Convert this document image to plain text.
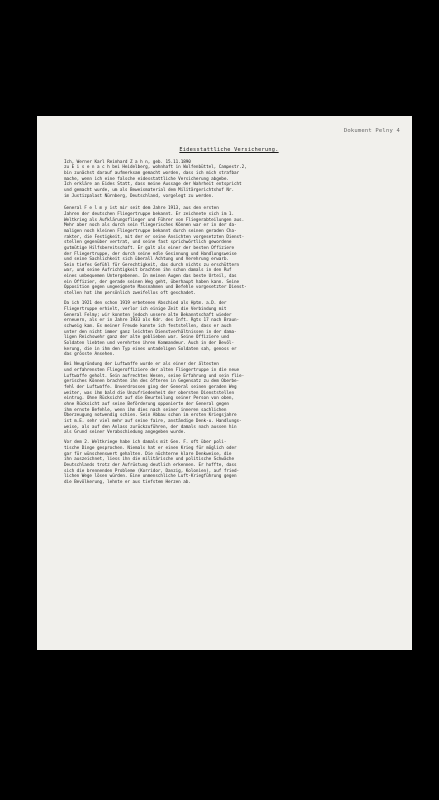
Dokument Pelny 4
Eidesstattliche Versicherung.
Ich, Werner Karl Reinhard Z a h n, geb. 15.11.1890
zu E i s e n a c h bei Heidelberg, wohnhaft in Wolfenbüttel, Campestr.2,
bin zunächst darauf aufmerksam gemacht worden, dass ich mich strafbar
mache, wenn ich eine falsche eidesstattliche Versicherung abgebe.
Ich erkläre an Eides Statt, dass meine Aussage der Wahrheit entspricht
und gemacht wurde, um als Beweismaterial dem Militärgerichtshof Nr.
im Justizpalast Nürnberg, Deutschland, vorgelegt zu werden.
General F e l m y ist mir seit dem Jahre 1913, aus den ersten
Jahren der deutschen Fliegertruppe bekannt. Er zeichnete sich im 1.
Weltkrieg als Aufklärungsflieger und Führer von Fliegerabteilungen aus.
Mehr aber noch als durch sein fliegerisches Können war er in der da-
maligen noch kleinen Fliegertruppe bekannt durch seinen geraden Cha-
rakter, die Festigkeit, mit der er seine Ansichten vorgesetzten Dienst-
stellen gegenüber vertrat, und seine fast sprichwörtlich gewordene
gutmütige Hilfsbereitschaft. Er galt als einer der besten Offiziere
der Fliegertruppe, der durch seine edle Gesinnung und Handlungsweise
und seine Sachlichkeit sich überall Achtung und Verehrung erwarb.
Sein tiefes Gefühl für Gerechtigkeit, das durch nichts zu erschüttern
war, und seine Aufrichtigkeit brachten ihn schon damals in den Ruf
eines unbequemen Untergebenen. In meinen Augen das beste Urteil, das
ein Offizier, der gerade seinen Weg geht, überhaupt haben kann. Seine
Opposition gegen ungeeignete Massnahmen und Befehle vorgesetzter Dienst-
stellen hat ihm persönlich zweifellos oft geschadet.
Da ich 1921 den schon 1919 erbetenen Abschied als Hptm. a.D. der
Fliegertruppe erhielt, verlor ich einige Zeit die Verbindung mit
General Felmy; wir konnten jedoch unsere alte Bekanntschaft wieder
erneuern, als er in Jahre 1933 als Kdr. des Inft. Rgts 17 nach Braun-
schweig kam. Es meiner Freude konnte ich feststellen, dass er auch
unter den nicht immer ganz leichten Dienstverhältnissen in der dama-
ligen Reichswehr ganz der alte geblieben war. Seine Offiziere und
Soldaten liebten und verehrten ihren Kommandeur. Auch in der Bevöl-
kerung, die in ihm den Typ eines untadeligen Soldaten sah, genoss er
das grösste Ansehen.
Bei Neugründung der Luftwaffe wurde er als einer der ältesten
und erfahrensten Fliegeroffiziere der alten Fliegertruppe in die neue
Luftwaffe geholt. Sein aufrechtes Wesen, seine Erfahrung und sein flie-
gerisches Können brachten ihn des öfteren in Gegensatz zu dem Oberbe-
fehl der Luftwaffe. Unverdrossen ging der General seinen geraden Weg
weiter, was ihm bald die Unzufriedenheit der obersten Dienststellen
eintrug. Ohne Rücksicht auf die Beurteilung seiner Person von oben,
ohne Rücksicht auf seine Beförderung opponierte der General gegen
ihm ernste Befehle, wenn ihm dies nach seiner inneren sachlichen
Überzeugung notwendig schien. Sein Abbau schon im ersten Kriegsjahre
ist m.E. sehr viel mehr auf seine faire, anständige Denk-u. Handlungs-
weise, als auf den Anlass zurückzuführen, der damals nach aussen hin
als Grund seiner Verabschiedung angegeben wurde.
Vor dem 2. Weltkriege habe ich damals mit Gen. F. oft über poli-
tische Dinge gesprochen. Niemals hat er einen Krieg für möglich oder
gar für wünschenswert gehalten. Die nüchterne klare Denkweise, die
ihn auszeichnet, liess ihn die militärische und politische Schwäche
Deutschlands trotz der Aufrüstung deutlich erkennen. Er hoffte, dass
sich die brennenden Probleme (Korridor, Danzig, Kolonien), auf fried-
lichen Wege lösen würden. Eine unmenschliche Luft-Kriegführung gegen
die Bevölkerung, lehnte er aus tiefstem Herzen ab.
